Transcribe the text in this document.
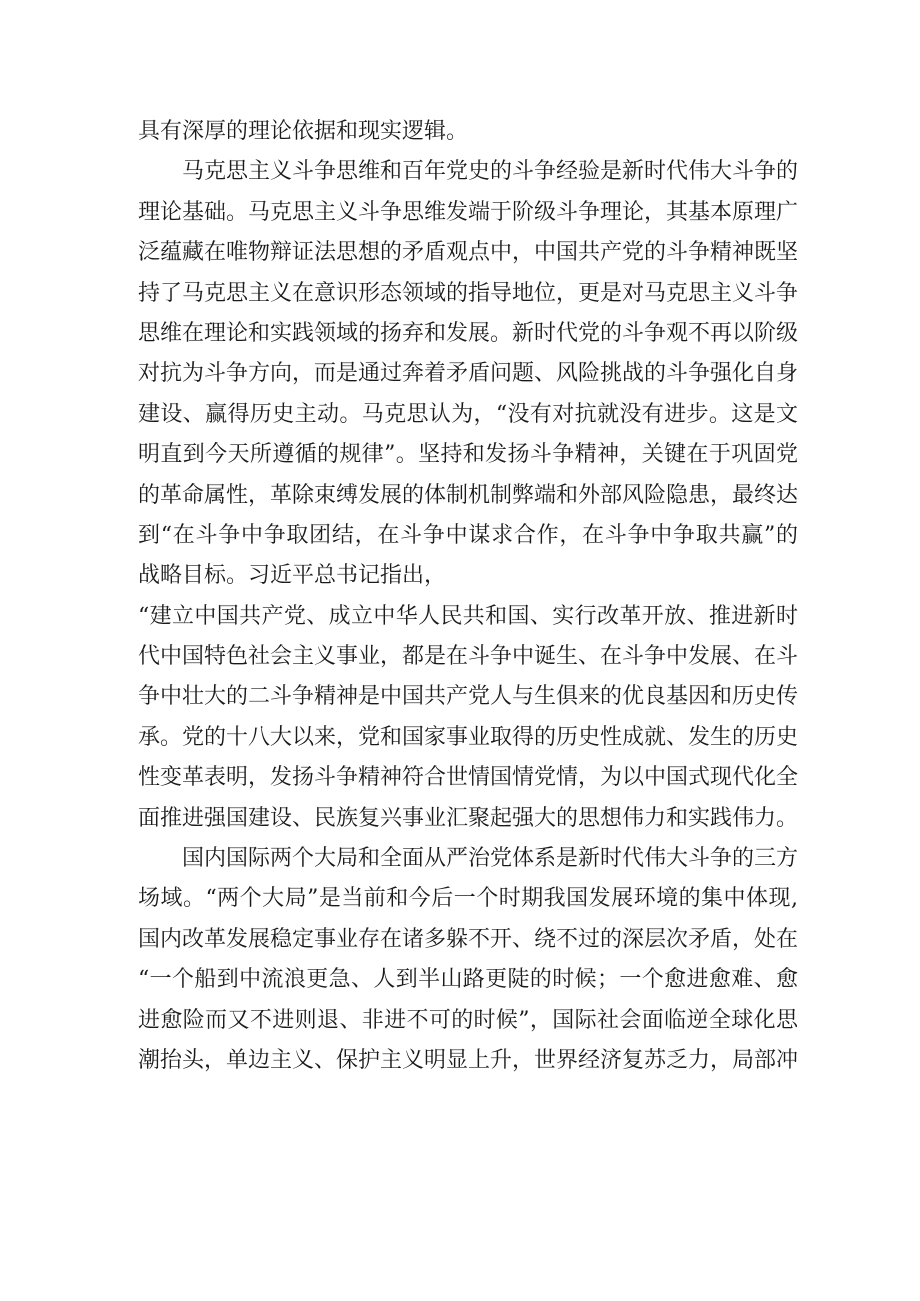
具有深厚的理论依据和现实逻辑。
马克思主义斗争思维和百年党史的斗争经验是新时代伟大斗争的
理论基础。马克思主义斗争思维发端于阶级斗争理论，其基本原理广
泛蕴藏在唯物辩证法思想的矛盾观点中，中国共产党的斗争精神既坚
持了马克思主义在意识形态领域的指导地位，更是对马克思主义斗争
思维在理论和实践领域的扬弃和发展。新时代党的斗争观不再以阶级
对抗为斗争方向，而是通过奔着矛盾问题、风险挑战的斗争强化自身
建设、赢得历史主动。马克思认为，“没有对抗就没有进步。这是文
明直到今天所遵循的规律”。坚持和发扬斗争精神，关键在于巩固党
的革命属性，革除束缚发展的体制机制弊端和外部风险隐患，最终达
到“在斗争中争取团结，在斗争中谋求合作，在斗争中争取共赢”的
战略目标。习近平总书记指出，
“建立中国共产党、成立中华人民共和国、实行改革开放、推进新时
代中国特色社会主义事业，都是在斗争中诞生、在斗争中发展、在斗
争中壮大的二斗争精神是中国共产党人与生俱来的优良基因和历史传
承。党的十八大以来，党和国家事业取得的历史性成就、发生的历史
性变革表明，发扬斗争精神符合世情国情党情，为以中国式现代化全
面推进强国建设、民族复兴事业汇聚起强大的思想伟力和实践伟力。
国内国际两个大局和全面从严治党体系是新时代伟大斗争的三方
场域。“两个大局”是当前和今后一个时期我国发展环境的集中体现,
国内改革发展稳定事业存在诸多躲不开、绕不过的深层次矛盾，处在
“一个船到中流浪更急、人到半山路更陡的时候；一个愈进愈难、愈
进愈险而又不进则退、非进不可的时候”，国际社会面临逆全球化思
潮抬头，单边主义、保护主义明显上升，世界经济复苏乏力，局部冲
